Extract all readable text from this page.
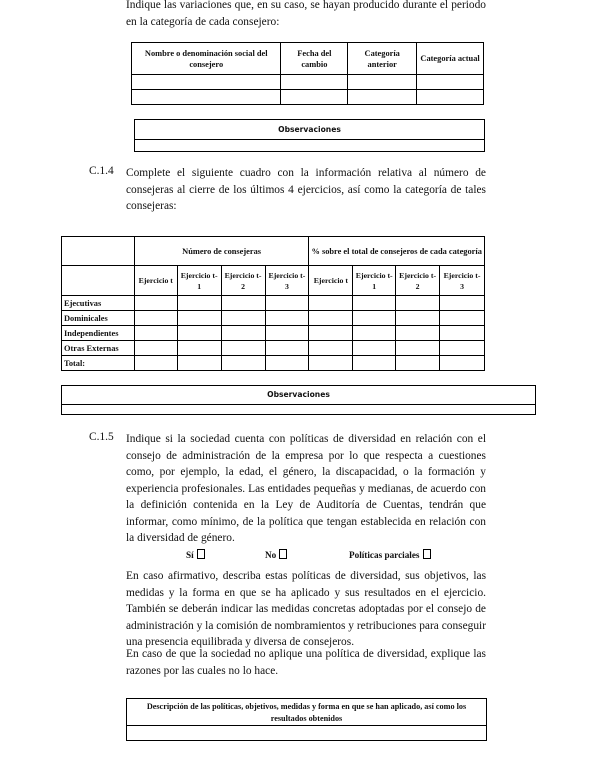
Indique las variaciones que, en su caso, se hayan producido durante el periodo en la categoría de cada consejero:

Nombre o denominación social del consejero	Fecha del cambio	Categoría anterior	Categoría actual

Observaciones
C.1.4 Complete el siguiente cuadro con la información relativa al número de consejeras al cierre de los últimos 4 ejercicios, así como la categoría de tales consejeras:

	Número de consejeras				% sobre el total de consejeros de cada categoría			
	Ejercicio t	Ejercicio t-1	Ejercicio t-2	Ejercicio t-3	Ejercicio t	Ejercicio t-1	Ejercicio t-2	Ejercicio t-3
Ejecutivas								
Dominicales								
Independientes								
Otras Externas								
Total:								
Observaciones
C.1.5 Indique si la sociedad cuenta con políticas de diversidad en relación con el consejo de administración de la empresa por lo que respecta a cuestiones como, por ejemplo, la edad, el género, la discapacidad, o la formación y experiencia profesionales. Las entidades pequeñas y medianas, de acuerdo con la definición contenida en la Ley de Auditoría de Cuentas, tendrán que informar, como mínimo, de la política que tengan establecida en relación con la diversidad de género.

Sí	No	Políticas parciales

En caso afirmativo, describa estas políticas de diversidad, sus objetivos, las medidas y la forma en que se ha aplicado y sus resultados en el ejercicio. También se deberán indicar las medidas concretas adoptadas por el consejo de administración y la comisión de nombramientos y retribuciones para conseguir una presencia equilibrada y diversa de consejeros.

En caso de que la sociedad no aplique una política de diversidad, explique las razones por las cuales no lo hace.

Descripción de las políticas, objetivos, medidas y forma en que se han aplicado, así como los resultados obtenidos
